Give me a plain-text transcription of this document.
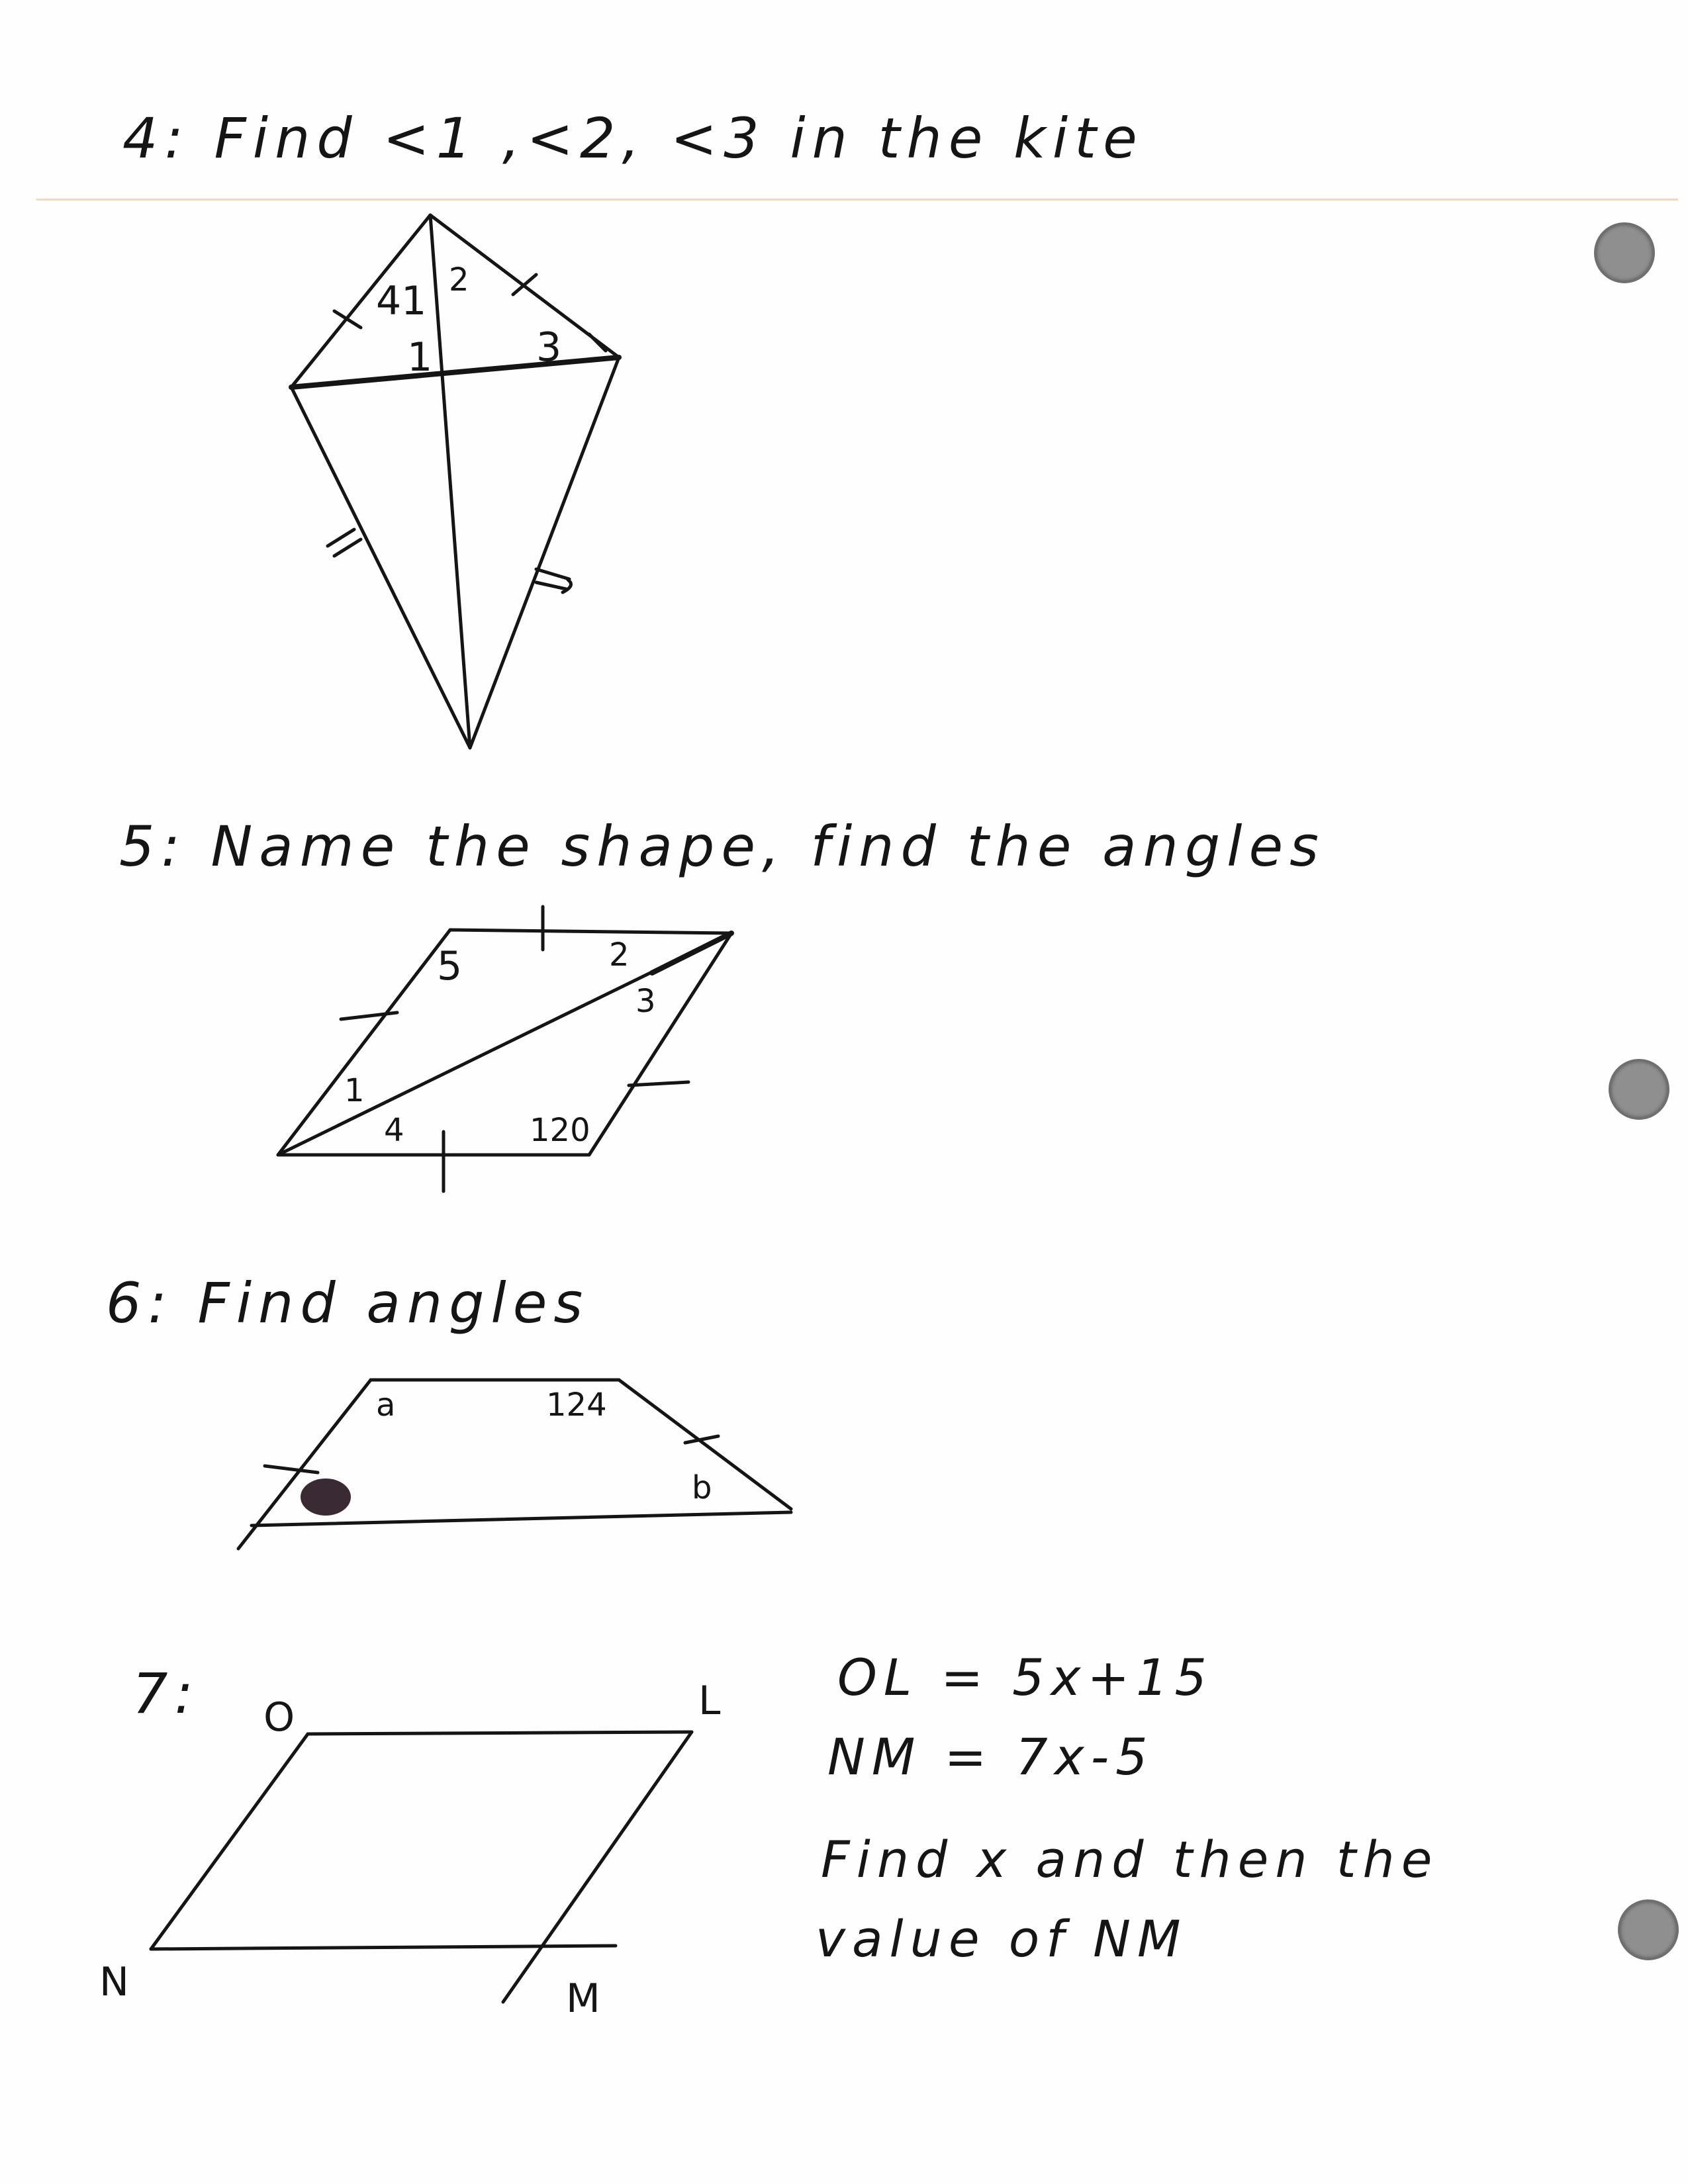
4: Find <1 ,<2, <3 in the kite
41
1
2
3
5: Name the shape, find the angles
5	2
3
1
4	120
6: Find angles
a	124
b
7: O	L
N	M
OL = 5x+15
NM = 7x-5
Find x and then the
value of NM
